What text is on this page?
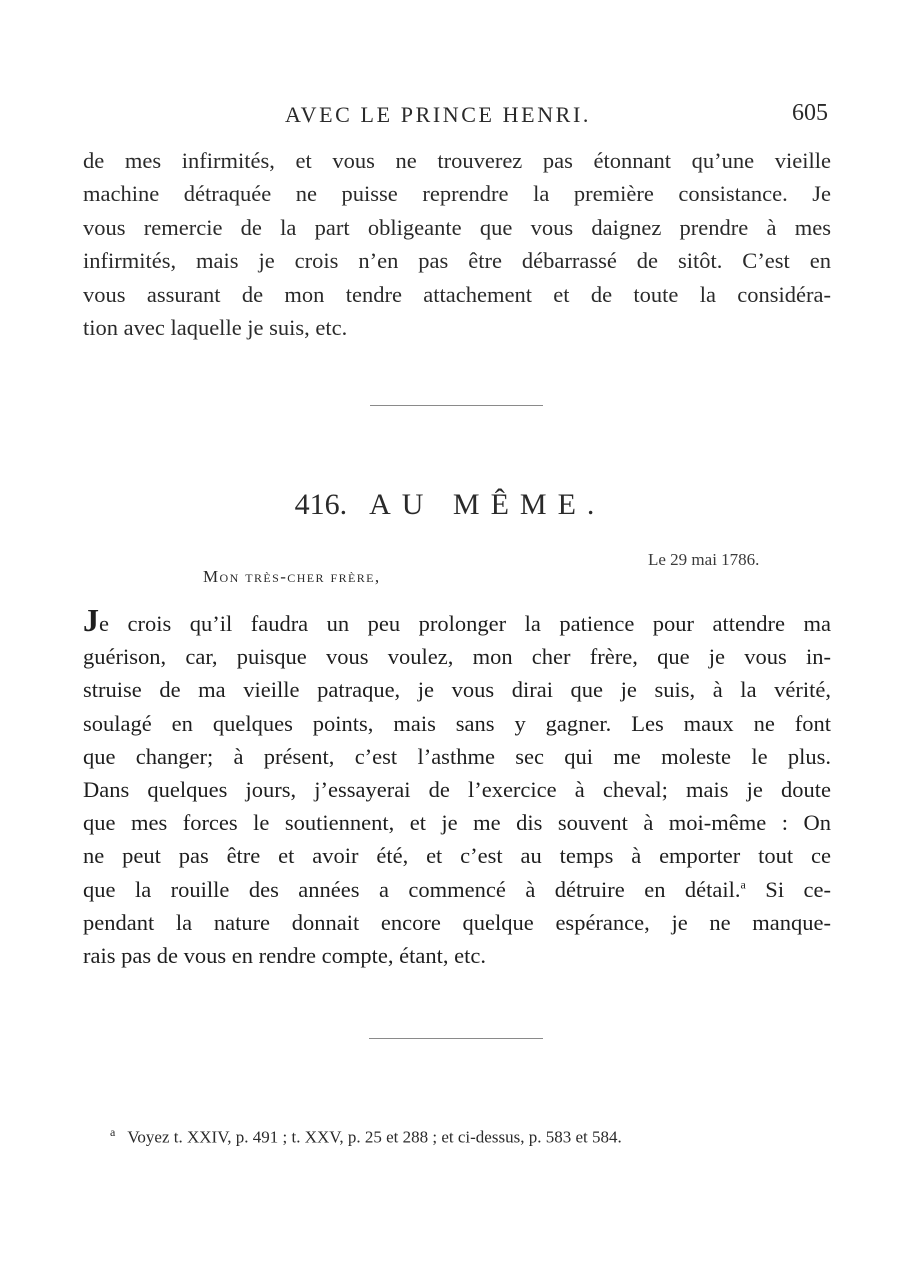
AVEC LE PRINCE HENRI.	605
de mes infirmités, et vous ne trouverez pas étonnant qu’une vieille
machine détraquée ne puisse reprendre la première consistance. Je
vous remercie de la part obligeante que vous daignez prendre à mes
infirmités, mais je crois n’en pas être débarrassé de sitôt. C’est en
vous assurant de mon tendre attachement et de toute la considéra-
tion avec laquelle je suis, etc.
416. AU MÊME.
Le 29 mai 1786.
Mon très-cher frère,
Je crois qu’il faudra un peu prolonger la patience pour attendre ma
guérison, car, puisque vous voulez, mon cher frère, que je vous in-
struise de ma vieille patraque, je vous dirai que je suis, à la vérité,
soulagé en quelques points, mais sans y gagner. Les maux ne font
que changer; à présent, c’est l’asthme sec qui me moleste le plus.
Dans quelques jours, j’essayerai de l’exercice à cheval; mais je doute
que mes forces le soutiennent, et je me dis souvent à moi-même : On
ne peut pas être et avoir été, et c’est au temps à emporter tout ce
que la rouille des années a commencé à détruire en détail.$^a$ Si ce-
pendant la nature donnait encore quelque espérance, je ne manque-
rais pas de vous en rendre compte, étant, etc.
$^a$ Voyez t. XXIV, p. 491 ; t. XXV, p. 25 et 288 ; et ci-dessus, p. 583 et 584.
